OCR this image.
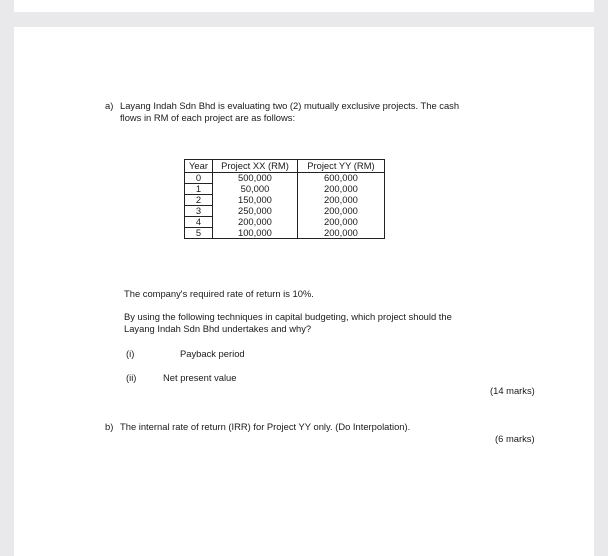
a) Layang Indah Sdn Bhd is evaluating two (2) mutually exclusive projects. The cash
flows in RM of each project are as follows:
Year	Project XX (RM)	Project YY (RM)
0	500,000	600,000
1	50,000	200,000
2	150,000	200,000
3	250,000	200,000
4	200,000	200,000
5	100,000	200,000
The company's required rate of return is 10%.
By using the following techniques in capital budgeting, which project should the
Layang Indah Sdn Bhd undertakes and why?
(i)	Payback period
(ii)	Net present value
(14 marks)
b) The internal rate of return (IRR) for Project YY only. (Do Interpolation).
(6 marks)
